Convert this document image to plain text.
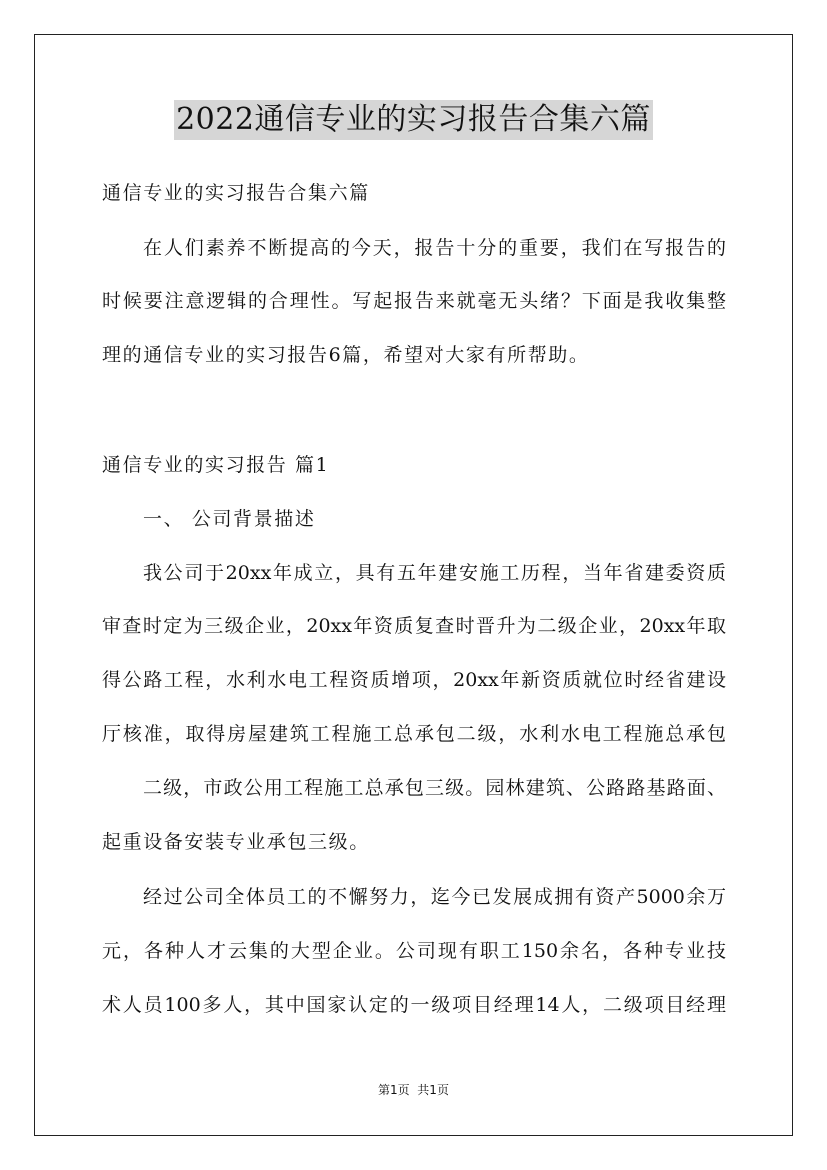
2022通信专业的实习报告合集六篇
通信专业的实习报告合集六篇
在人们素养不断提高的今天，报告十分的重要，我们在写报告的
时候要注意逻辑的合理性。写起报告来就毫无头绪？下面是我收集整
理的通信专业的实习报告6篇，希望对大家有所帮助。
通信专业的实习报告 篇1
一、 公司背景描述
我公司于20xx年成立，具有五年建安施工历程，当年省建委资质
审查时定为三级企业，20xx年资质复查时晋升为二级企业，20xx年取
得公路工程，水利水电工程资质增项，20xx年新资质就位时经省建设
厅核准，取得房屋建筑工程施工总承包二级，水利水电工程施总承包
二级，市政公用工程施工总承包三级。园林建筑、公路路基路面、
起重设备安装专业承包三级。
经过公司全体员工的不懈努力，迄今已发展成拥有资产5000余万
元，各种人才云集的大型企业。公司现有职工150余名，各种专业技
术人员100多人，其中国家认定的一级项目经理14人，二级项目经理
第1页  共1页
